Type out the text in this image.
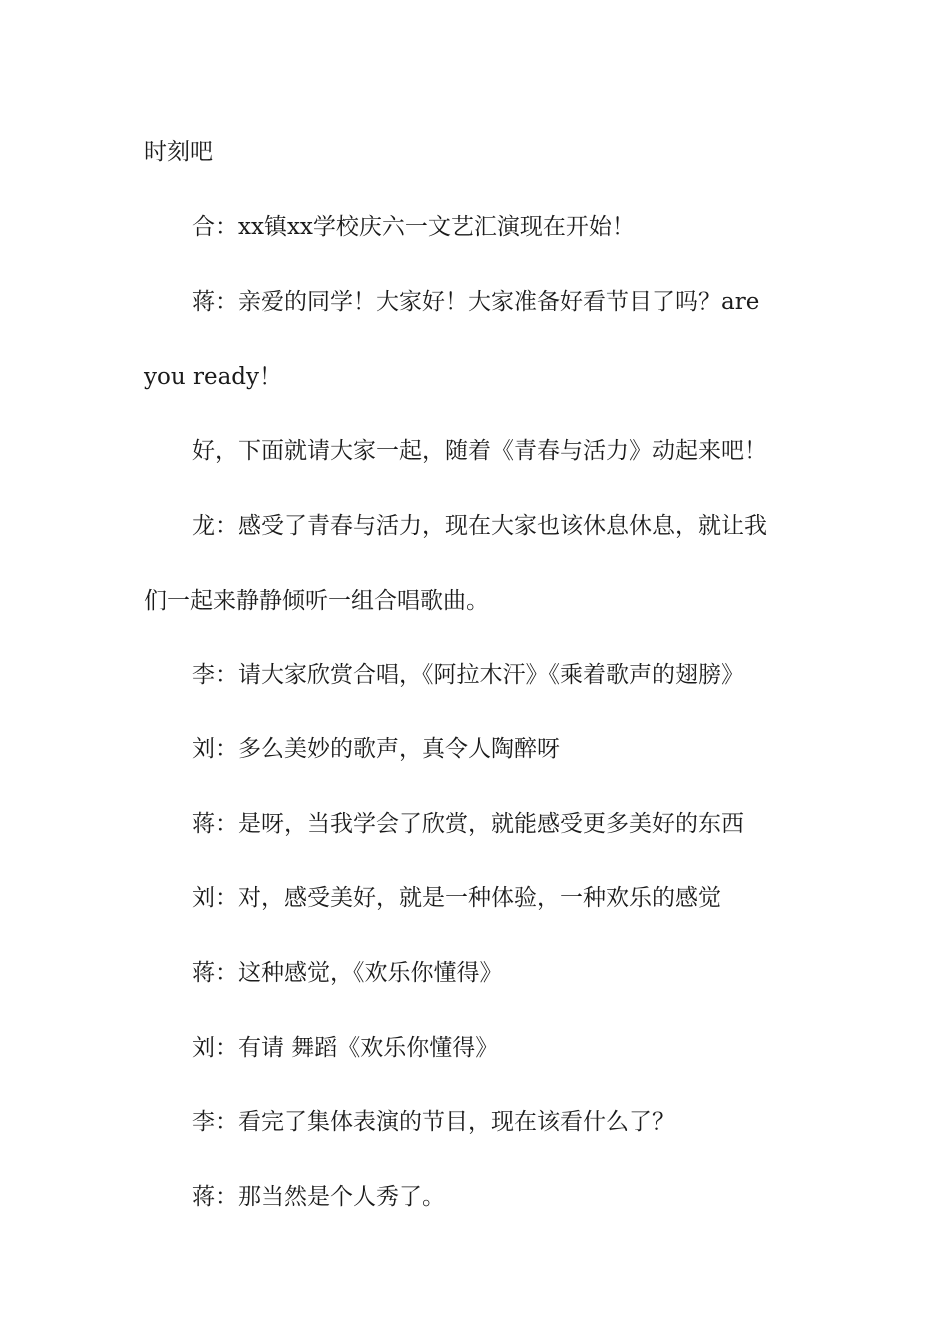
时刻吧

合：xx镇xx学校庆六一文艺汇演现在开始！

蒋：亲爱的同学！大家好！大家准备好看节目了吗？are

you ready！

好，下面就请大家一起，随着《青春与活力》动起来吧！

龙：感受了青春与活力，现在大家也该休息休息，就让我

们一起来静静倾听一组合唱歌曲。

李：请大家欣赏合唱，《阿拉木汗》《乘着歌声的翅膀》

刘：多么美妙的歌声，真令人陶醉呀

蒋：是呀，当我学会了欣赏，就能感受更多美好的东西

刘：对，感受美好，就是一种体验，一种欢乐的感觉

蒋：这种感觉，《欢乐你懂得》

刘：有请 舞蹈《欢乐你懂得》

李：看完了集体表演的节目，现在该看什么了？

蒋：那当然是个人秀了。
